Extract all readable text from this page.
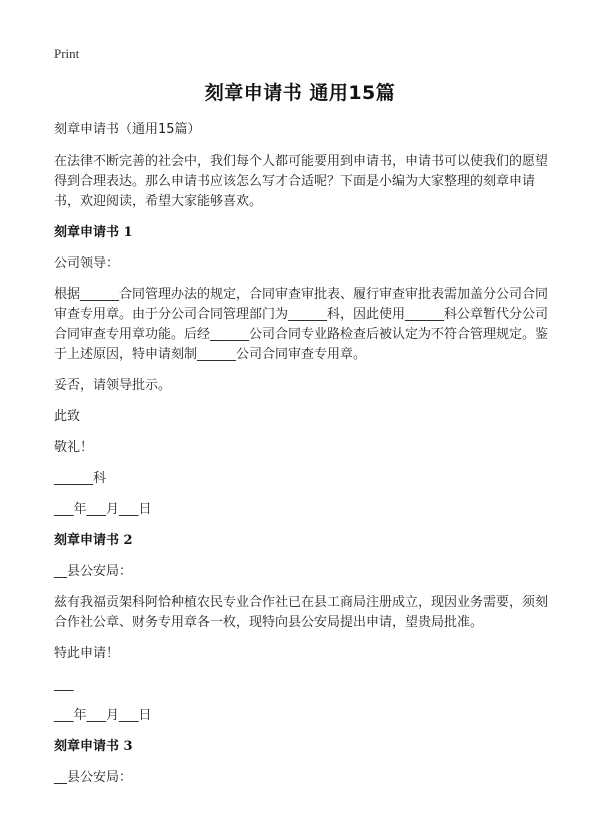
Print
刻章申请书 通用15篇

刻章申请书（通用15篇）

在法律不断完善的社会中，我们每个人都可能要用到申请书，申请书可以使我们的愿望得到合理表达。那么申请书应该怎么写才合适呢？下面是小编为大家整理的刻章申请书，欢迎阅读，希望大家能够喜欢。

刻章申请书 1

公司领导：

根据______合同管理办法的规定，合同审查审批表、履行审查审批表需加盖分公司合同审查专用章。由于分公司合同管理部门为______科，因此使用______科公章暂代分公司合同审查专用章功能。后经______公司合同专业路检查后被认定为不符合管理规定。鉴于上述原因，特申请刻制______公司合同审查专用章。

妥否，请领导批示。

此致

敬礼！

______科

___年___月___日

刻章申请书 2

__县公安局：

兹有我福贡架科阿恰种植农民专业合作社已在县工商局注册成立，现因业务需要，须刻合作社公章、财务专用章各一枚，现特向县公安局提出申请，望贵局批准。

特此申请！

___

___年___月___日

刻章申请书 3

__县公安局：
